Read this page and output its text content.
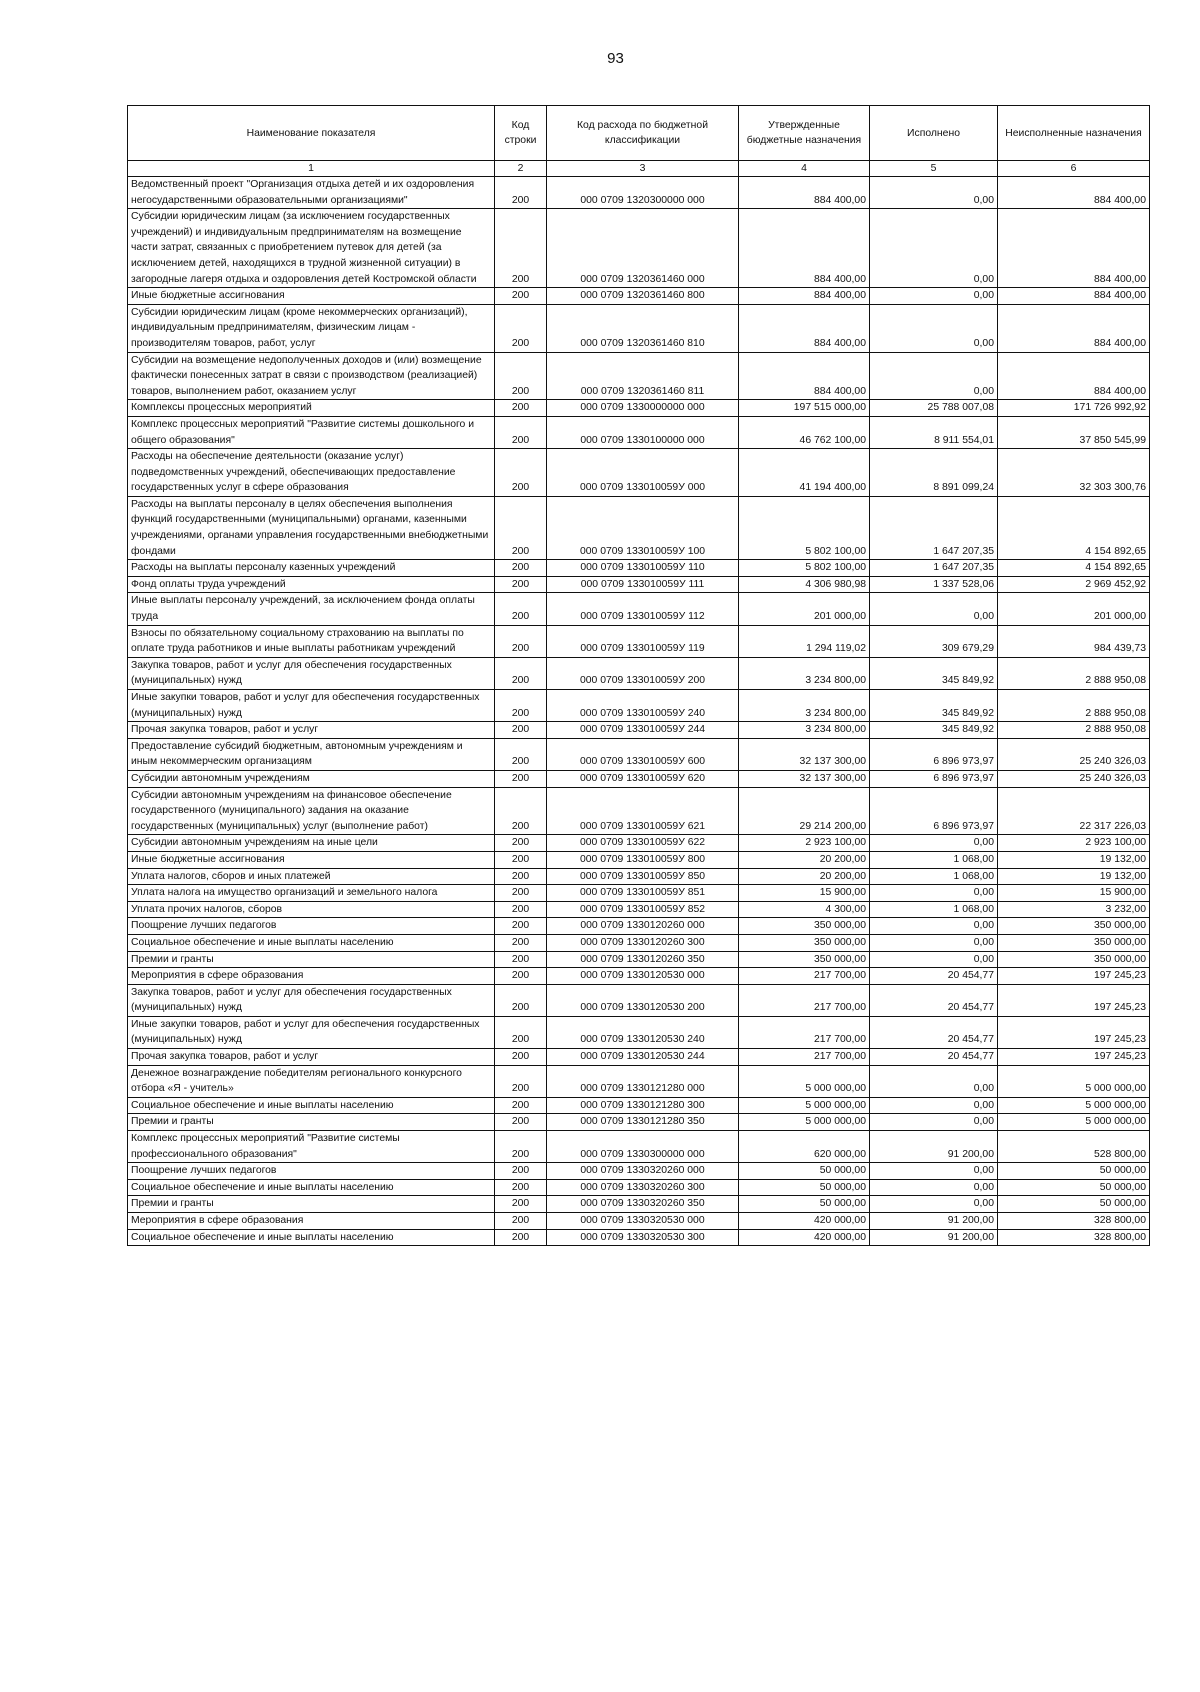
93
Наименование показателя	Код строки	Код расхода по бюджетной классификации	Утвержденные бюджетные назначения	Исполнено	Неисполненные назначения
1	2	3	4	5	6
Ведомственный проект "Организация отдыха детей и их оздоровления негосударственными образовательными организациями"	200	000 0709 1320300000 000	884 400,00	0,00	884 400,00
Субсидии юридическим лицам (за исключением государственных учреждений) и индивидуальным предпринимателям на возмещение части затрат, связанных с приобретением путевок для детей (за исключением детей, находящихся в трудной жизненной ситуации) в загородные лагеря отдыха и оздоровления детей Костромской области	200	000 0709 1320361460 000	884 400,00	0,00	884 400,00
Иные бюджетные ассигнования	200	000 0709 1320361460 800	884 400,00	0,00	884 400,00
Субсидии юридическим лицам (кроме некоммерческих организаций), индивидуальным предпринимателям, физическим лицам - производителям товаров, работ, услуг	200	000 0709 1320361460 810	884 400,00	0,00	884 400,00
Субсидии на возмещение недополученных доходов и (или) возмещение фактически понесенных затрат в связи с производством (реализацией) товаров, выполнением работ, оказанием услуг	200	000 0709 1320361460 811	884 400,00	0,00	884 400,00
Комплексы процессных мероприятий	200	000 0709 1330000000 000	197 515 000,00	25 788 007,08	171 726 992,92
Комплекс процессных мероприятий "Развитие системы дошкольного и общего образования"	200	000 0709 1330100000 000	46 762 100,00	8 911 554,01	37 850 545,99
Расходы на обеспечение деятельности (оказание услуг) подведомственных учреждений, обеспечивающих предоставление государственных услуг в сфере образования	200	000 0709 133010059У 000	41 194 400,00	8 891 099,24	32 303 300,76
Расходы на выплаты персоналу в целях обеспечения выполнения функций государственными (муниципальными) органами, казенными учреждениями, органами управления государственными внебюджетными фондами	200	000 0709 133010059У 100	5 802 100,00	1 647 207,35	4 154 892,65
Расходы на выплаты персоналу казенных учреждений	200	000 0709 133010059У 110	5 802 100,00	1 647 207,35	4 154 892,65
Фонд оплаты труда учреждений	200	000 0709 133010059У 111	4 306 980,98	1 337 528,06	2 969 452,92
Иные выплаты персоналу учреждений, за исключением фонда оплаты труда	200	000 0709 133010059У 112	201 000,00	0,00	201 000,00
Взносы по обязательному социальному страхованию на выплаты по оплате труда работников и иные выплаты работникам учреждений	200	000 0709 133010059У 119	1 294 119,02	309 679,29	984 439,73
Закупка товаров, работ и услуг для обеспечения государственных (муниципальных) нужд	200	000 0709 133010059У 200	3 234 800,00	345 849,92	2 888 950,08
Иные закупки товаров, работ и услуг для обеспечения государственных (муниципальных) нужд	200	000 0709 133010059У 240	3 234 800,00	345 849,92	2 888 950,08
Прочая закупка товаров, работ и услуг	200	000 0709 133010059У 244	3 234 800,00	345 849,92	2 888 950,08
Предоставление субсидий бюджетным, автономным учреждениям и иным некоммерческим организациям	200	000 0709 133010059У 600	32 137 300,00	6 896 973,97	25 240 326,03
Субсидии автономным учреждениям	200	000 0709 133010059У 620	32 137 300,00	6 896 973,97	25 240 326,03
Субсидии автономным учреждениям на финансовое обеспечение государственного (муниципального) задания на оказание государственных (муниципальных) услуг (выполнение работ)	200	000 0709 133010059У 621	29 214 200,00	6 896 973,97	22 317 226,03
Субсидии автономным учреждениям на иные цели	200	000 0709 133010059У 622	2 923 100,00	0,00	2 923 100,00
Иные бюджетные ассигнования	200	000 0709 133010059У 800	20 200,00	1 068,00	19 132,00
Уплата налогов, сборов и иных платежей	200	000 0709 133010059У 850	20 200,00	1 068,00	19 132,00
Уплата налога на имущество организаций и земельного налога	200	000 0709 133010059У 851	15 900,00	0,00	15 900,00
Уплата прочих налогов, сборов	200	000 0709 133010059У 852	4 300,00	1 068,00	3 232,00
Поощрение лучших педагогов	200	000 0709 1330120260 000	350 000,00	0,00	350 000,00
Социальное обеспечение и иные выплаты населению	200	000 0709 1330120260 300	350 000,00	0,00	350 000,00
Премии и гранты	200	000 0709 1330120260 350	350 000,00	0,00	350 000,00
Мероприятия в сфере образования	200	000 0709 1330120530 000	217 700,00	20 454,77	197 245,23
Закупка товаров, работ и услуг для обеспечения государственных (муниципальных) нужд	200	000 0709 1330120530 200	217 700,00	20 454,77	197 245,23
Иные закупки товаров, работ и услуг для обеспечения государственных (муниципальных) нужд	200	000 0709 1330120530 240	217 700,00	20 454,77	197 245,23
Прочая закупка товаров, работ и услуг	200	000 0709 1330120530 244	217 700,00	20 454,77	197 245,23
Денежное вознаграждение победителям регионального конкурсного отбора «Я - учитель»	200	000 0709 1330121280 000	5 000 000,00	0,00	5 000 000,00
Социальное обеспечение и иные выплаты населению	200	000 0709 1330121280 300	5 000 000,00	0,00	5 000 000,00
Премии и гранты	200	000 0709 1330121280 350	5 000 000,00	0,00	5 000 000,00
Комплекс процессных мероприятий "Развитие системы профессионального образования"	200	000 0709 1330300000 000	620 000,00	91 200,00	528 800,00
Поощрение лучших педагогов	200	000 0709 1330320260 000	50 000,00	0,00	50 000,00
Социальное обеспечение и иные выплаты населению	200	000 0709 1330320260 300	50 000,00	0,00	50 000,00
Премии и гранты	200	000 0709 1330320260 350	50 000,00	0,00	50 000,00
Мероприятия в сфере образования	200	000 0709 1330320530 000	420 000,00	91 200,00	328 800,00
Социальное обеспечение и иные выплаты населению	200	000 0709 1330320530 300	420 000,00	91 200,00	328 800,00
